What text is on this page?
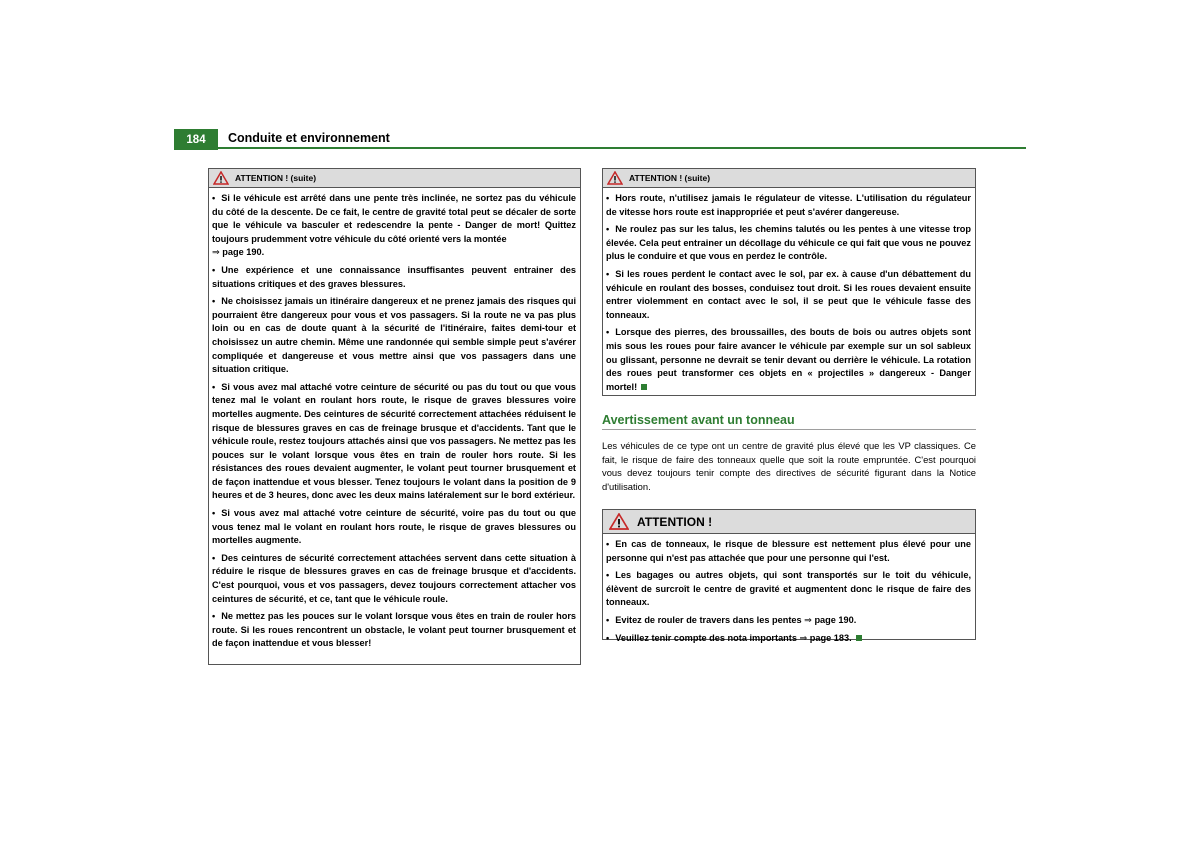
184	Conduite et environnement
ATTENTION ! (suite)

• Si le véhicule est arrêté dans une pente très inclinée, ne sortez pas du véhicule du côté de la descente. De ce fait, le centre de gravité total peut se décaler de sorte que le véhicule va basculer et redescendre la pente - Danger de mort! Quittez toujours prudemment votre véhicule du côté orienté vers la montée
⇒ page 190.

• Une expérience et une connaissance insuffisantes peuvent entrainer des situations critiques et des graves blessures.

• Ne choisissez jamais un itinéraire dangereux et ne prenez jamais des risques qui pourraient être dangereux pour vous et vos passagers. Si la route ne va pas plus loin ou en cas de doute quant à la sécurité de l'itinéraire, faites demi-tour et choisissez un autre chemin. Même une randonnée qui semble simple peut s'avérer compliquée et dangereuse et vous mettre ainsi que vos passagers dans une situation critique.

• Si vous avez mal attaché votre ceinture de sécurité ou pas du tout ou que vous tenez mal le volant en roulant hors route, le risque de graves blessures voire mortelles augmente. Des ceintures de sécurité correctement attachées réduisent le risque de blessures graves en cas de freinage brusque et d'accidents. Tant que le véhicule roule, restez toujours attachés ainsi que vos passagers. Ne mettez pas les pouces sur le volant lorsque vous êtes en train de rouler hors route. Si les résistances des roues devaient augmenter, le volant peut tourner brusquement et de façon inattendue et vous blesser. Tenez toujours le volant dans la position de 9 heures et de 3 heures, donc avec les deux mains latéralement sur le bord extérieur.

• Si vous avez mal attaché votre ceinture de sécurité, voire pas du tout ou que vous tenez mal le volant en roulant hors route, le risque de graves blessures ou mortelles augmente.

• Des ceintures de sécurité correctement attachées servent dans cette situation à réduire le risque de blessures graves en cas de freinage brusque et d'accidents. C'est pourquoi, vous et vos passagers, devez toujours correctement attacher vos ceintures de sécurité, et ce, tant que le véhicule roule.

• Ne mettez pas les pouces sur le volant lorsque vous êtes en train de rouler hors route. Si les roues rencontrent un obstacle, le volant peut tourner brusquement et de façon inattendue et vous blesser!

ATTENTION ! (suite)

• Hors route, n'utilisez jamais le régulateur de vitesse. L'utilisation du régulateur de vitesse hors route est inappropriée et peut s'avérer dangereuse.

• Ne roulez pas sur les talus, les chemins talutés ou les pentes à une vitesse trop élevée. Cela peut entrainer un décollage du véhicule ce qui fait que vous ne pouvez plus le conduire et que vous en perdez le contrôle.

• Si les roues perdent le contact avec le sol, par ex. à cause d'un débattement du véhicule en roulant des bosses, conduisez tout droit. Si les roues devaient ensuite entrer violemment en contact avec le sol, il se peut que le véhicule fasse des tonneaux.

• Lorsque des pierres, des broussailles, des bouts de bois ou autres objets sont mis sous les roues pour faire avancer le véhicule par exemple sur un sol sableux ou glissant, personne ne devrait se tenir devant ou derrière le véhicule. La rotation des roues peut transformer ces objets en « projectiles » dangereux - Danger mortel!

Avertissement avant un tonneau

Les véhicules de ce type ont un centre de gravité plus élevé que les VP classiques. Ce fait, le risque de faire des tonneaux quelle que soit la route empruntée. C'est pourquoi vous devez toujours tenir compte des directives de sécurité figurant dans la Notice d'utilisation.

ATTENTION !

• En cas de tonneaux, le risque de blessure est nettement plus élevé pour une personne qui n'est pas attachée que pour une personne qui l'est.

• Les bagages ou autres objets, qui sont transportés sur le toit du véhicule, élèvent de surcroît le centre de gravité et augmentent donc le risque de faire des tonneaux.

• Evitez de rouler de travers dans les pentes ⇒ page 190.

• Veuillez tenir compte des nota importants ⇒ page 183.
